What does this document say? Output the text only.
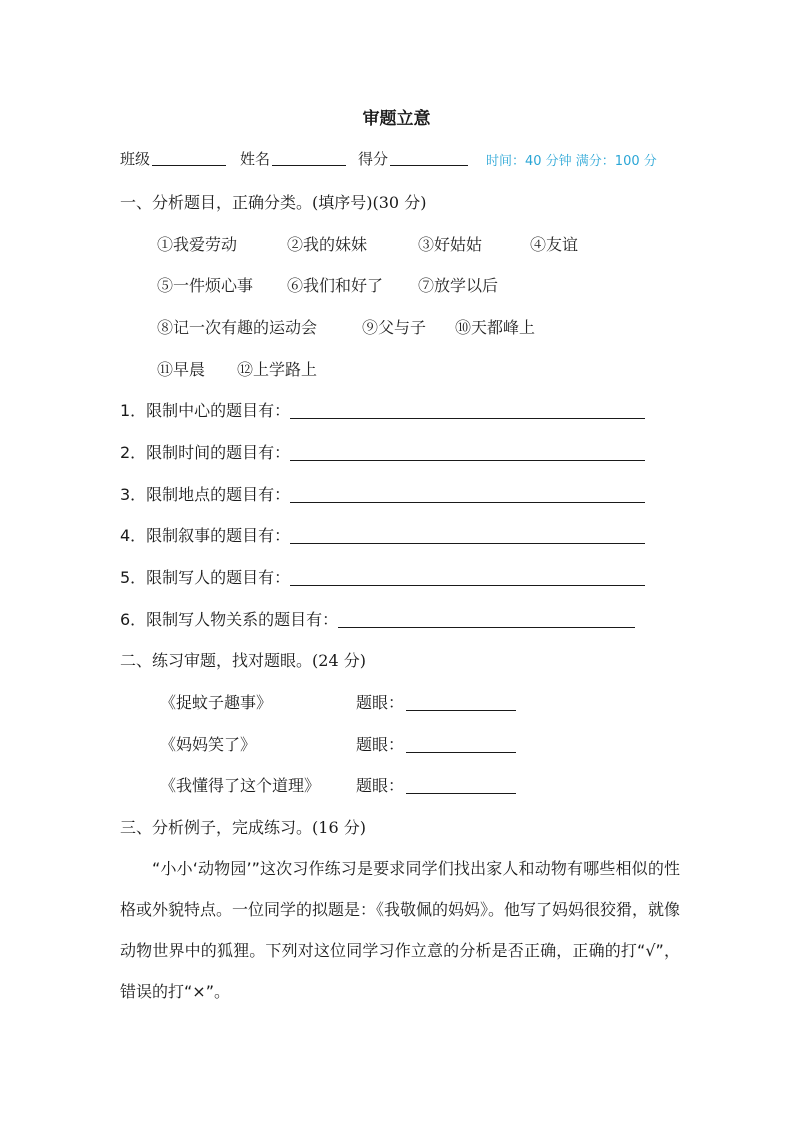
审题立意
班级	姓名	得分	时间：40 分钟 满分：100 分
一、分析题目，正确分类。(填序号)(30 分)
①我爱劳动	②我的妹妹	③好姑姑	④友谊
⑤一件烦心事 ⑥我们和好了 ⑦放学以后
⑧记一次有趣的运动会	⑨父与子 ⑩天都峰上
⑪早晨 ⑫上学路上
1．限制中心的题目有：
2．限制时间的题目有：
3．限制地点的题目有：
4．限制叙事的题目有：
5．限制写人的题目有：
6．限制写人物关系的题目有：
二、练习审题，找对题眼。(24 分)
《捉蚊子趣事》	题眼：
《妈妈笑了》	题眼：
《我懂得了这个道理》 题眼：
三、分析例子，完成练习。(16 分)

“小小‘动物园’”这次习作练习是要求同学们找出家人和动物有哪些相似的性格或外貌特点。一位同学的拟题是：《我敬佩的妈妈》。他写了妈妈很狡猾，就像动物世界中的狐狸。下列对这位同学习作立意的分析是否正确，正确的打“√”，错误的打“×”。
